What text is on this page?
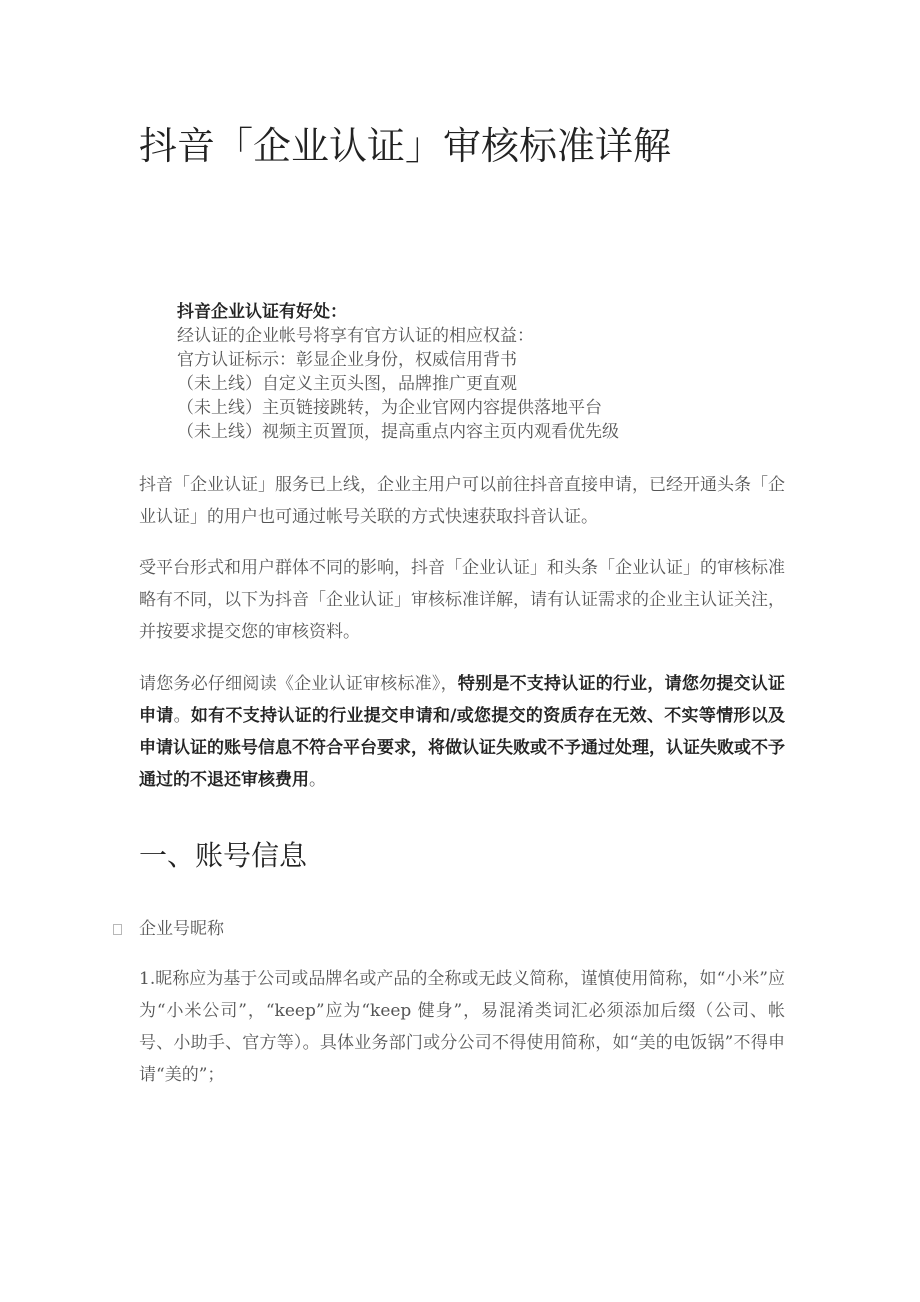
抖音「企业认证」审核标准详解
抖音企业认证有好处：
经认证的企业帐号将享有官方认证的相应权益：
官方认证标示：彰显企业身份，权威信用背书
（未上线）自定义主页头图，品牌推广更直观
（未上线）主页链接跳转，为企业官网内容提供落地平台
（未上线）视频主页置顶，提高重点内容主页内观看优先级

抖音「企业认证」服务已上线，企业主用户可以前往抖音直接申请，已经开通头条「企业认证」的用户也可通过帐号关联的方式快速获取抖音认证。

受平台形式和用户群体不同的影响，抖音「企业认证」和头条「企业认证」的审核标准略有不同，以下为抖音「企业认证」审核标准详解，请有认证需求的企业主认证关注，并按要求提交您的审核资料。

请您务必仔细阅读《企业认证审核标准》，特别是不支持认证的行业，请您勿提交认证申请。如有不支持认证的行业提交申请和/或您提交的资质存在无效、不实等情形以及申请认证的账号信息不符合平台要求，将做认证失败或不予通过处理，认证失败或不予通过的不退还审核费用。

一、账号信息
企业号昵称

1.昵称应为基于公司或品牌名或产品的全称或无歧义简称，谨慎使用简称，如“小米”应为“小米公司”，“keep”应为“keep 健身”，易混淆类词汇必须添加后缀（公司、帐号、小助手、官方等）。具体业务部门或分公司不得使用简称，如“美的电饭锅”不得申请“美的”；
